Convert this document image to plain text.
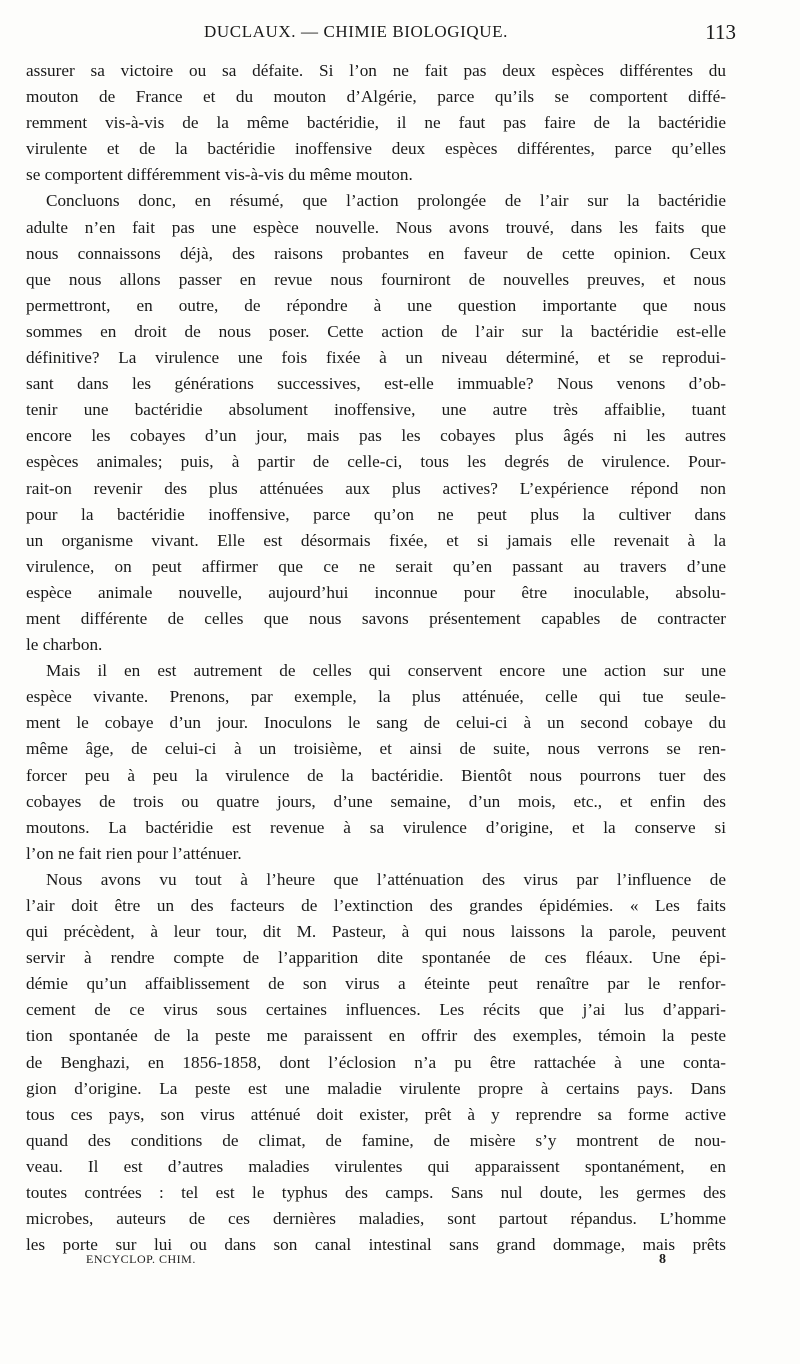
DUCLAUX. — CHIMIE BIOLOGIQUE.	113
assurer sa victoire ou sa défaite. Si l’on ne fait pas deux espèces différentes du
mouton de France et du mouton d’Algérie, parce qu’ils se comportent diffé-
remment vis-à-vis de la même bactéridie, il ne faut pas faire de la bactéridie
virulente et de la bactéridie inoffensive deux espèces différentes, parce qu’elles
se comportent différemment vis-à-vis du même mouton.
Concluons donc, en résumé, que l’action prolongée de l’air sur la bactéridie
adulte n’en fait pas une espèce nouvelle. Nous avons trouvé, dans les faits que
nous connaissons déjà, des raisons probantes en faveur de cette opinion. Ceux
que nous allons passer en revue nous fourniront de nouvelles preuves, et nous
permettront, en outre, de répondre à une question importante que nous
sommes en droit de nous poser. Cette action de l’air sur la bactéridie est-elle
définitive? La virulence une fois fixée à un niveau déterminé, et se reprodui-
sant dans les générations successives, est-elle immuable? Nous venons d’ob-
tenir une bactéridie absolument inoffensive, une autre très affaiblie, tuant
encore les cobayes d’un jour, mais pas les cobayes plus âgés ni les autres
espèces animales; puis, à partir de celle-ci, tous les degrés de virulence. Pour-
rait-on revenir des plus atténuées aux plus actives? L’expérience répond non
pour la bactéridie inoffensive, parce qu’on ne peut plus la cultiver dans
un organisme vivant. Elle est désormais fixée, et si jamais elle revenait à la
virulence, on peut affirmer que ce ne serait qu’en passant au travers d’une
espèce animale nouvelle, aujourd’hui inconnue pour être inoculable, absolu-
ment différente de celles que nous savons présentement capables de contracter
le charbon.
Mais il en est autrement de celles qui conservent encore une action sur une
espèce vivante. Prenons, par exemple, la plus atténuée, celle qui tue seule-
ment le cobaye d’un jour. Inoculons le sang de celui-ci à un second cobaye du
même âge, de celui-ci à un troisième, et ainsi de suite, nous verrons se ren-
forcer peu à peu la virulence de la bactéridie. Bientôt nous pourrons tuer des
cobayes de trois ou quatre jours, d’une semaine, d’un mois, etc., et enfin des
moutons. La bactéridie est revenue à sa virulence d’origine, et la conserve si
l’on ne fait rien pour l’atténuer.
Nous avons vu tout à l’heure que l’atténuation des virus par l’influence de
l’air doit être un des facteurs de l’extinction des grandes épidémies. « Les faits
qui précèdent, à leur tour, dit M. Pasteur, à qui nous laissons la parole, peuvent
servir à rendre compte de l’apparition dite spontanée de ces fléaux. Une épi-
démie qu’un affaiblissement de son virus a éteinte peut renaître par le renfor-
cement de ce virus sous certaines influences. Les récits que j’ai lus d’appari-
tion spontanée de la peste me paraissent en offrir des exemples, témoin la peste
de Benghazi, en 1856-1858, dont l’éclosion n’a pu être rattachée à une conta-
gion d’origine. La peste est une maladie virulente propre à certains pays. Dans
tous ces pays, son virus atténué doit exister, prêt à y reprendre sa forme active
quand des conditions de climat, de famine, de misère s’y montrent de nou-
veau. Il est d’autres maladies virulentes qui apparaissent spontanément, en
toutes contrées : tel est le typhus des camps. Sans nul doute, les germes des
microbes, auteurs de ces dernières maladies, sont partout répandus. L’homme
les porte sur lui ou dans son canal intestinal sans grand dommage, mais prêts
ENCYCLOP. CHIM.	8
